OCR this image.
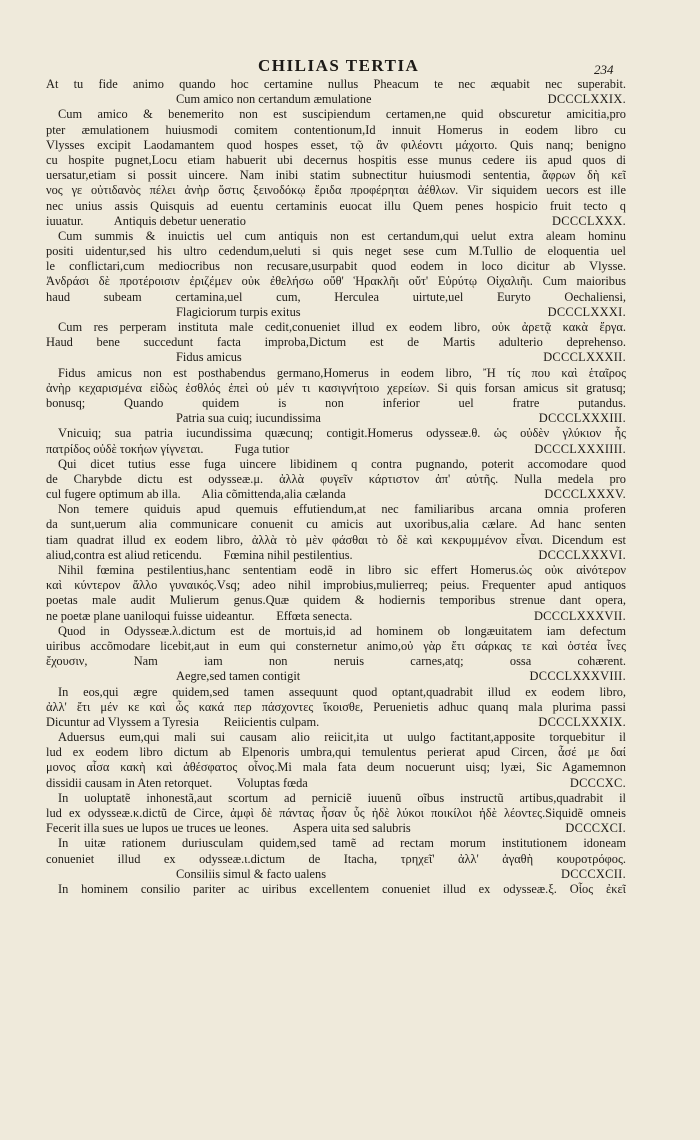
CHILIAS TERTIA	234
At tu fide animo quando hoc certamine nullus Pheacum te nec æquabit nec superabit.
Cum amico non certandum æmulatione	DCCCLXXIX.
Cum amico & benemerito non est suscipiendum certamen,ne quid obscuretur amicitia,pro
pter æmulationem huiusmodi comitem contentionum,Id innuit Homerus in eodem libro cu
Vlysses excipit Laodamantem quod hospes esset, τῷ ἂν φιλέοντι μάχοιτο. Quis nanq; benigno
cu hospite pugnet,Locu etiam habuerit ubi decernus hospitis esse munus cedere iis apud quos di
uersatur,etiam si possit uincere. Nam inibi statim subnectitur huiusmodi sententia, ἄφρων δὴ κεῖ
νος γε οὐτιδανὸς πέλει ἀνὴρ ὅστις ξεινοδόκῳ ἔριδα προφέρηται ἀέθλων. Vir siquidem uecors est ille
nec unius assis Quisquis ad euentu certaminis euocat illu Quem penes hospicio fruit tecto q
iuuatur.          Antiquis debetur ueneratio	DCCCLXXX.
Cum summis & inuictis uel cum antiquis non est certandum,qui uelut extra aleam hominu
positi uidentur,sed his ultro cedendum,ueluti si quis neget sese cum M.Tullio de eloquentia uel
le conflictari,cum mediocribus non recusare,usurpabit quod eodem in loco dicitur ab Vlysse.
Ἀνδράσι δὲ προτέροισιν ἐριζέμεν οὐκ ἐθελήσω οὔθ' Ἡρακλῆι οὔτ' Εὐρύτῳ Οἰχαλιῆι. Cum maioribus
haud subeam certamina,uel cum, Herculea uirtute,uel Euryto Oechaliensi,
Flagiciorum turpis exitus	DCCCLXXXI.
Cum res perperam instituta male cedit,conueniet illud ex eodem libro, οὐκ ἀρετᾷ κακὰ ἔργα.
Haud bene succedunt facta improba,Dictum est de Martis adulterio deprehenso.
Fidus amicus	DCCCLXXXII.
Fidus amicus non est posthabendus germano,Homerus in eodem libro, Ἤ τίς που καὶ ἑταῖρος
ἀνὴρ κεχαρισμένα εἰδὼς ἐσθλός ἐπεὶ οὐ μέν τι κασιγνήτοιο χερείων. Si quis forsan amicus sit gratusq;
bonusq; Quando quidem is non inferior uel fratre putandus.
Patria sua cuiq; iucundissima	DCCCLXXXIII.
Vnicuiq; sua patria iucundissima quæcunq; contigit.Homerus odysseæ.θ. ὡς οὐδὲν γλύκιον ἧς
πατρίδος οὐδὲ τοκήων γίγνεται.          Fuga tutior	DCCCLXXXIIII.
Qui dicet tutius esse fuga uincere libidinem q contra pugnando, poterit accomodare quod
de Charybde dictu est odysseæ.μ. ἀλλὰ φυγεῖν κάρτιστον ἀπ' αὐτῆς. Nulla medela pro
cul fugere optimum ab illa.       Alia cõmittenda,alia cælanda	DCCCLXXXV.
Non temere quiduis apud quemuis effutiendum,at nec familiaribus arcana omnia proferen
da sunt,uerum alia communicare conuenit cu amicis aut uxoribus,alia cælare. Ad hanc senten
tiam quadrat illud ex eodem libro, ἀλλὰ τὸ μὲν φάσθαι τὸ δὲ καὶ κεκρυμμένον εἶναι. Dicendum est
aliud,contra est aliud reticendu.       Fœmina nihil pestilentius.	DCCCLXXXVI.
Nihil fœmina pestilentius,hanc sententiam eodẽ in libro sic effert Homerus.ὡς οὐκ αἰνότερον
καὶ κύντερον ἄλλο γυναικός.Vsq; adeo nihil improbius,mulierreq; peius. Frequenter apud antiquos
poetas male audit Mulierum genus.Quæ quidem & hodiernis temporibus strenue dant opera,
ne poetæ plane uaniloqui fuisse uideantur.       Effœta senecta.	DCCCLXXXVII.
Quod in Odysseæ.λ.dictum est de mortuis,id ad hominem ob longæuitatem iam defectum
uiribus accõmodare licebit,aut in eum qui consternetur animo,οὐ γὰρ ἔτι σάρκας τε καὶ ὀστέα ἶνες
ἔχουσιν, Nam iam non neruis carnes,atq; ossa cohærent.
Aegre,sed tamen contigit	DCCCLXXXVIII.
In eos,qui ægre quidem,sed tamen assequunt quod optant,quadrabit illud ex eodem libro,
ἀλλ' ἔτι μέν κε καὶ ὧς κακά περ πάσχοντες ἵκοισθε, Peruenietis adhuc quanq mala plurima passi
Dicuntur ad Vlyssem a Tyresia        Reiicientis culpam.	DCCCLXXXIX.
Aduersus eum,qui mali sui causam alio reiicit,ita ut uulgo factitant,apposite torquebitur il
lud ex eodem libro dictum ab Elpenoris umbra,qui temulentus perierat apud Circen, ἆσέ με δαί
μονος αἶσα κακὴ καὶ ἀθέσφατος οἶνος.Mi mala fata deum nocuerunt uisq; lyæi, Sic Agamemnon
dissidii causam in Aten retorquet.        Voluptas fœda	DCCCXC.
In uoluptatẽ inhonestã,aut scortum ad perniciẽ iuuenũ oĩbus instructũ artibus,quadrabit il
lud ex odysseæ.κ.dictũ de Circe, ἀμφὶ δὲ πάντας ἦσαν ὗς ἠδὲ λύκοι ποικίλοι ἠδὲ λέοντες.Siquidẽ omneis
Fecerit illa sues ue lupos ue truces ue leones.        Aspera uita sed salubris	DCCCXCI.
In uitæ rationem duriusculam quidem,sed tamẽ ad rectam morum institutionem idoneam
conueniet illud ex odysseæ.ι.dictum de Itacha, τρηχεῖ' ἀλλ' ἀγαθὴ κουροτρόφος.
Consiliis simul & facto ualens	DCCCXCII.
In hominem consilio pariter ac uiribus excellentem conueniet illud ex odysseæ.ξ. Οἷος ἐκεῖ
